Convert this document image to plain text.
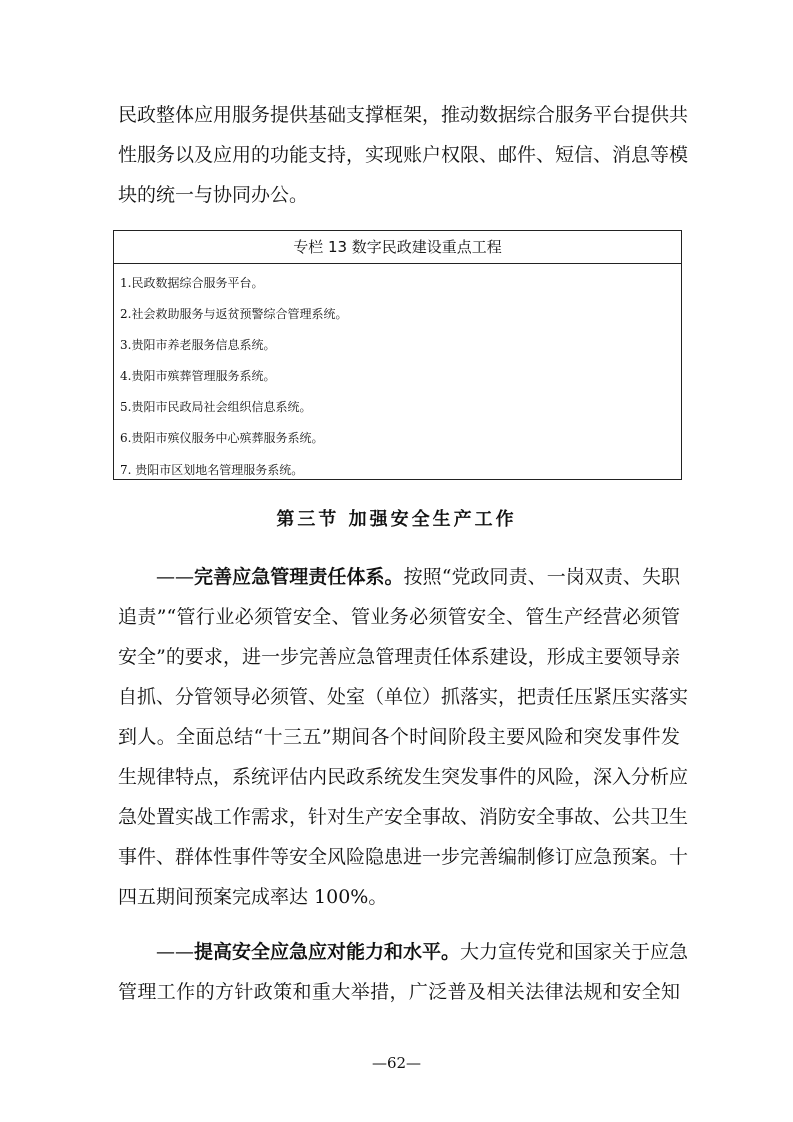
民政整体应用服务提供基础支撑框架，推动数据综合服务平台提供共
性服务以及应用的功能支持，实现账户权限、邮件、短信、消息等模
块的统一与协同办公。
专栏 13 数字民政建设重点工程
1.民政数据综合服务平台。
2.社会救助服务与返贫预警综合管理系统。
3.贵阳市养老服务信息系统。
4.贵阳市殡葬管理服务系统。
5.贵阳市民政局社会组织信息系统。
6.贵阳市殡仪服务中心殡葬服务系统。
7. 贵阳市区划地名管理服务系统。
第三节 加强安全生产工作
——完善应急管理责任体系。按照“党政同责、一岗双责、失职
追责”“管行业必须管安全、管业务必须管安全、管生产经营必须管
安全”的要求，进一步完善应急管理责任体系建设，形成主要领导亲
自抓、分管领导必须管、处室（单位）抓落实，把责任压紧压实落实
到人。全面总结“十三五”期间各个时间阶段主要风险和突发事件发
生规律特点，系统评估内民政系统发生突发事件的风险，深入分析应
急处置实战工作需求，针对生产安全事故、消防安全事故、公共卫生
事件、群体性事件等安全风险隐患进一步完善编制修订应急预案。十
四五期间预案完成率达 100%。
——提高安全应急应对能力和水平。大力宣传党和国家关于应急
管理工作的方针政策和重大举措，广泛普及相关法律法规和安全知
—62—
